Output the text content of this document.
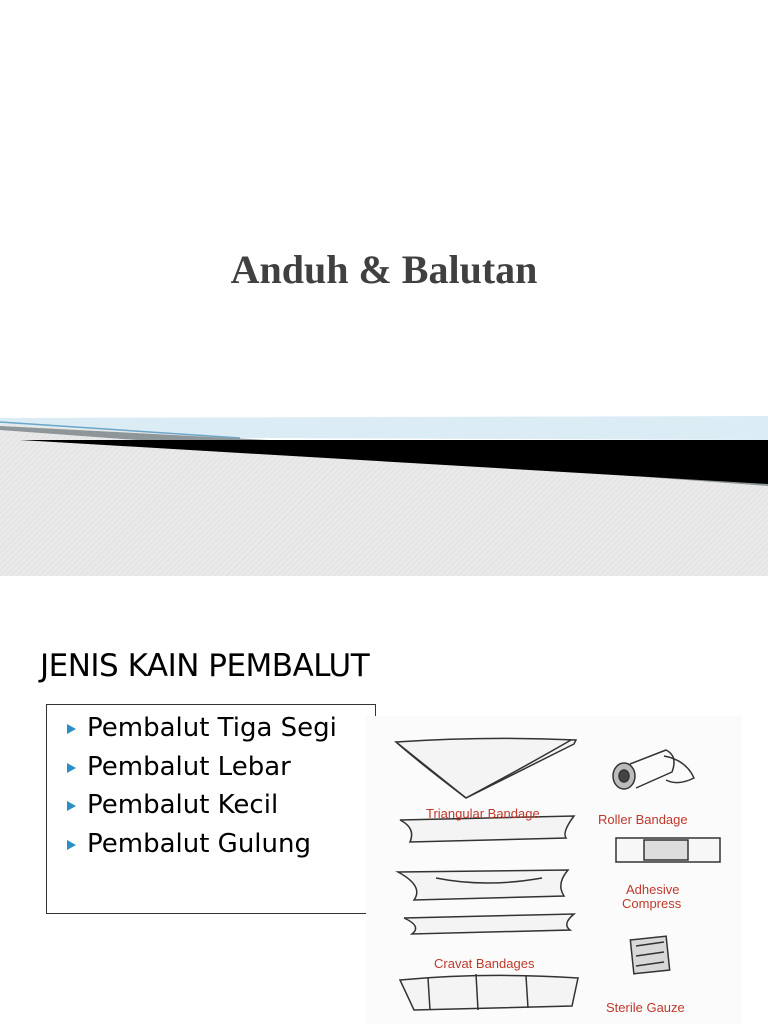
Anduh & Balutan
JENIS KAIN PEMBALUT
Pembalut Tiga Segi
Pembalut Lebar
Pembalut Kecil
Pembalut Gulung
Triangular Bandage	Roller Bandage
Adhesive
Compress
Cravat Bandages
Sterile Gauze
